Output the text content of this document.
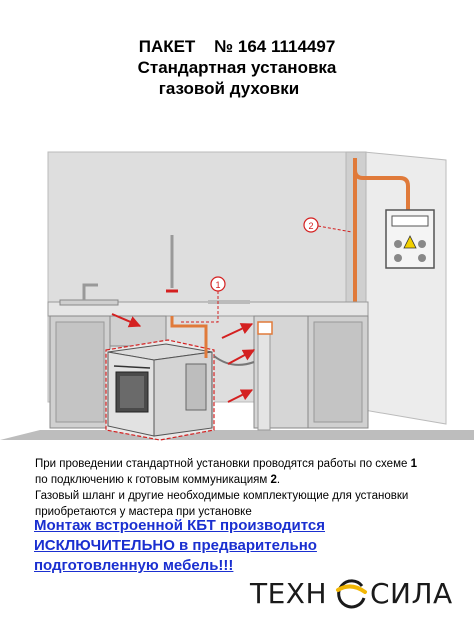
ПАКЕТ    № 164 1114497
Стандартная установка
газовой духовки
2
1
При проведении стандартной установки проводятся работы по схеме 1
по подключению к готовым коммуникациям 2.
Газовый шланг и другие необходимые комплектующие для установки
приобретаются у мастера при установке
Монтаж встроенной КБТ производится
ИСКЛЮЧИТЕЛЬНО в предварительно
подготовленную мебель!!!
ТЕХН СИЛА
